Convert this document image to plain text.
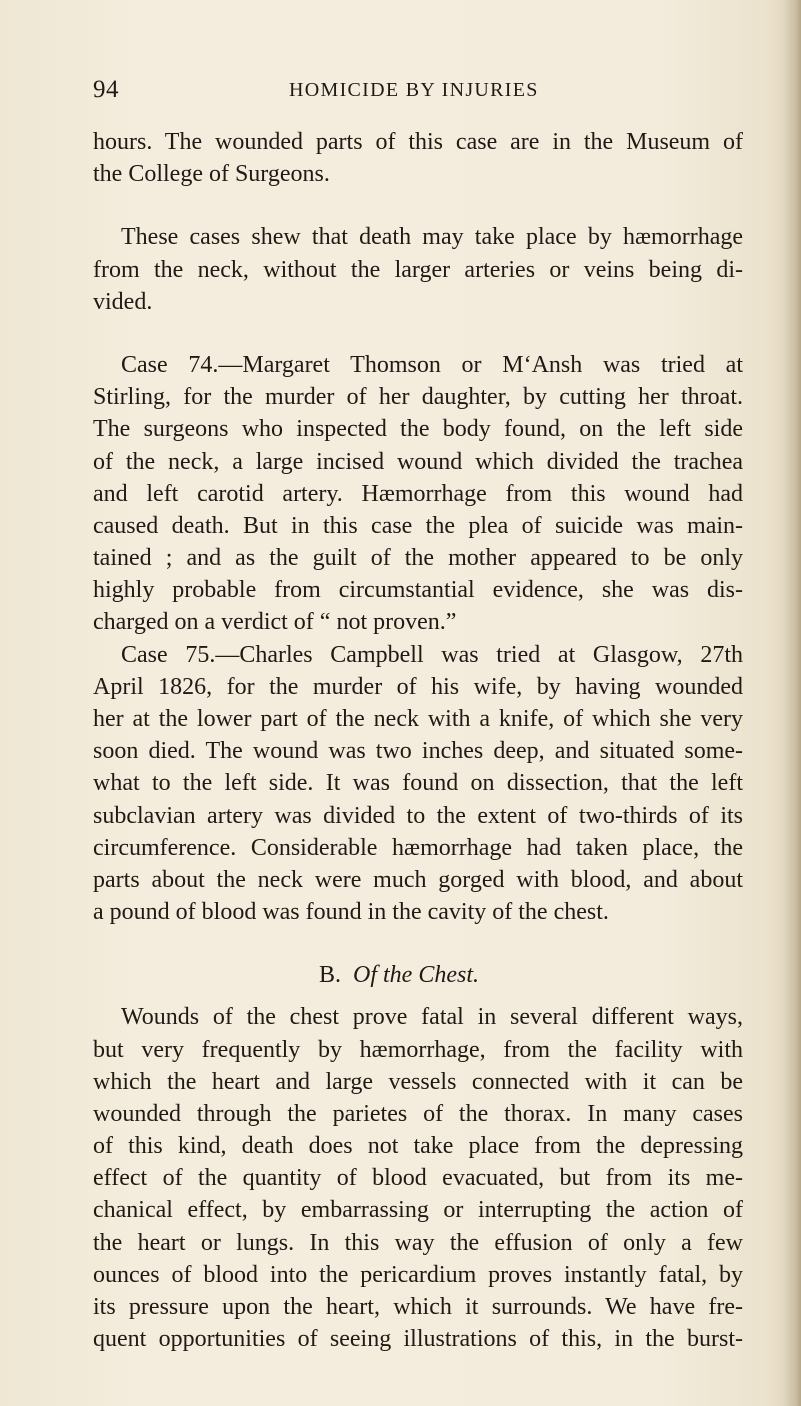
94	HOMICIDE BY INJURIES
hours. The wounded parts of this case are in the Museum of
the College of Surgeons.
These cases shew that death may take place by hæmorrhage
from the neck, without the larger arteries or veins being di-
vided.
Case 74.—Margaret Thomson or M‘Ansh was tried at
Stirling, for the murder of her daughter, by cutting her throat.
The surgeons who inspected the body found, on the left side
of the neck, a large incised wound which divided the trachea
and left carotid artery. Hæmorrhage from this wound had
caused death. But in this case the plea of suicide was main-
tained ; and as the guilt of the mother appeared to be only
highly probable from circumstantial evidence, she was dis-
charged on a verdict of “ not proven.”
Case 75.—Charles Campbell was tried at Glasgow, 27th
April 1826, for the murder of his wife, by having wounded
her at the lower part of the neck with a knife, of which she very
soon died. The wound was two inches deep, and situated some-
what to the left side. It was found on dissection, that the left
subclavian artery was divided to the extent of two-thirds of its
circumference. Considerable hæmorrhage had taken place, the
parts about the neck were much gorged with blood, and about
a pound of blood was found in the cavity of the chest.
B. Of the Chest.
Wounds of the chest prove fatal in several different ways,
but very frequently by hæmorrhage, from the facility with
which the heart and large vessels connected with it can be
wounded through the parietes of the thorax. In many cases
of this kind, death does not take place from the depressing
effect of the quantity of blood evacuated, but from its me-
chanical effect, by embarrassing or interrupting the action of
the heart or lungs. In this way the effusion of only a few
ounces of blood into the pericardium proves instantly fatal, by
its pressure upon the heart, which it surrounds. We have fre-
quent opportunities of seeing illustrations of this, in the burst-
